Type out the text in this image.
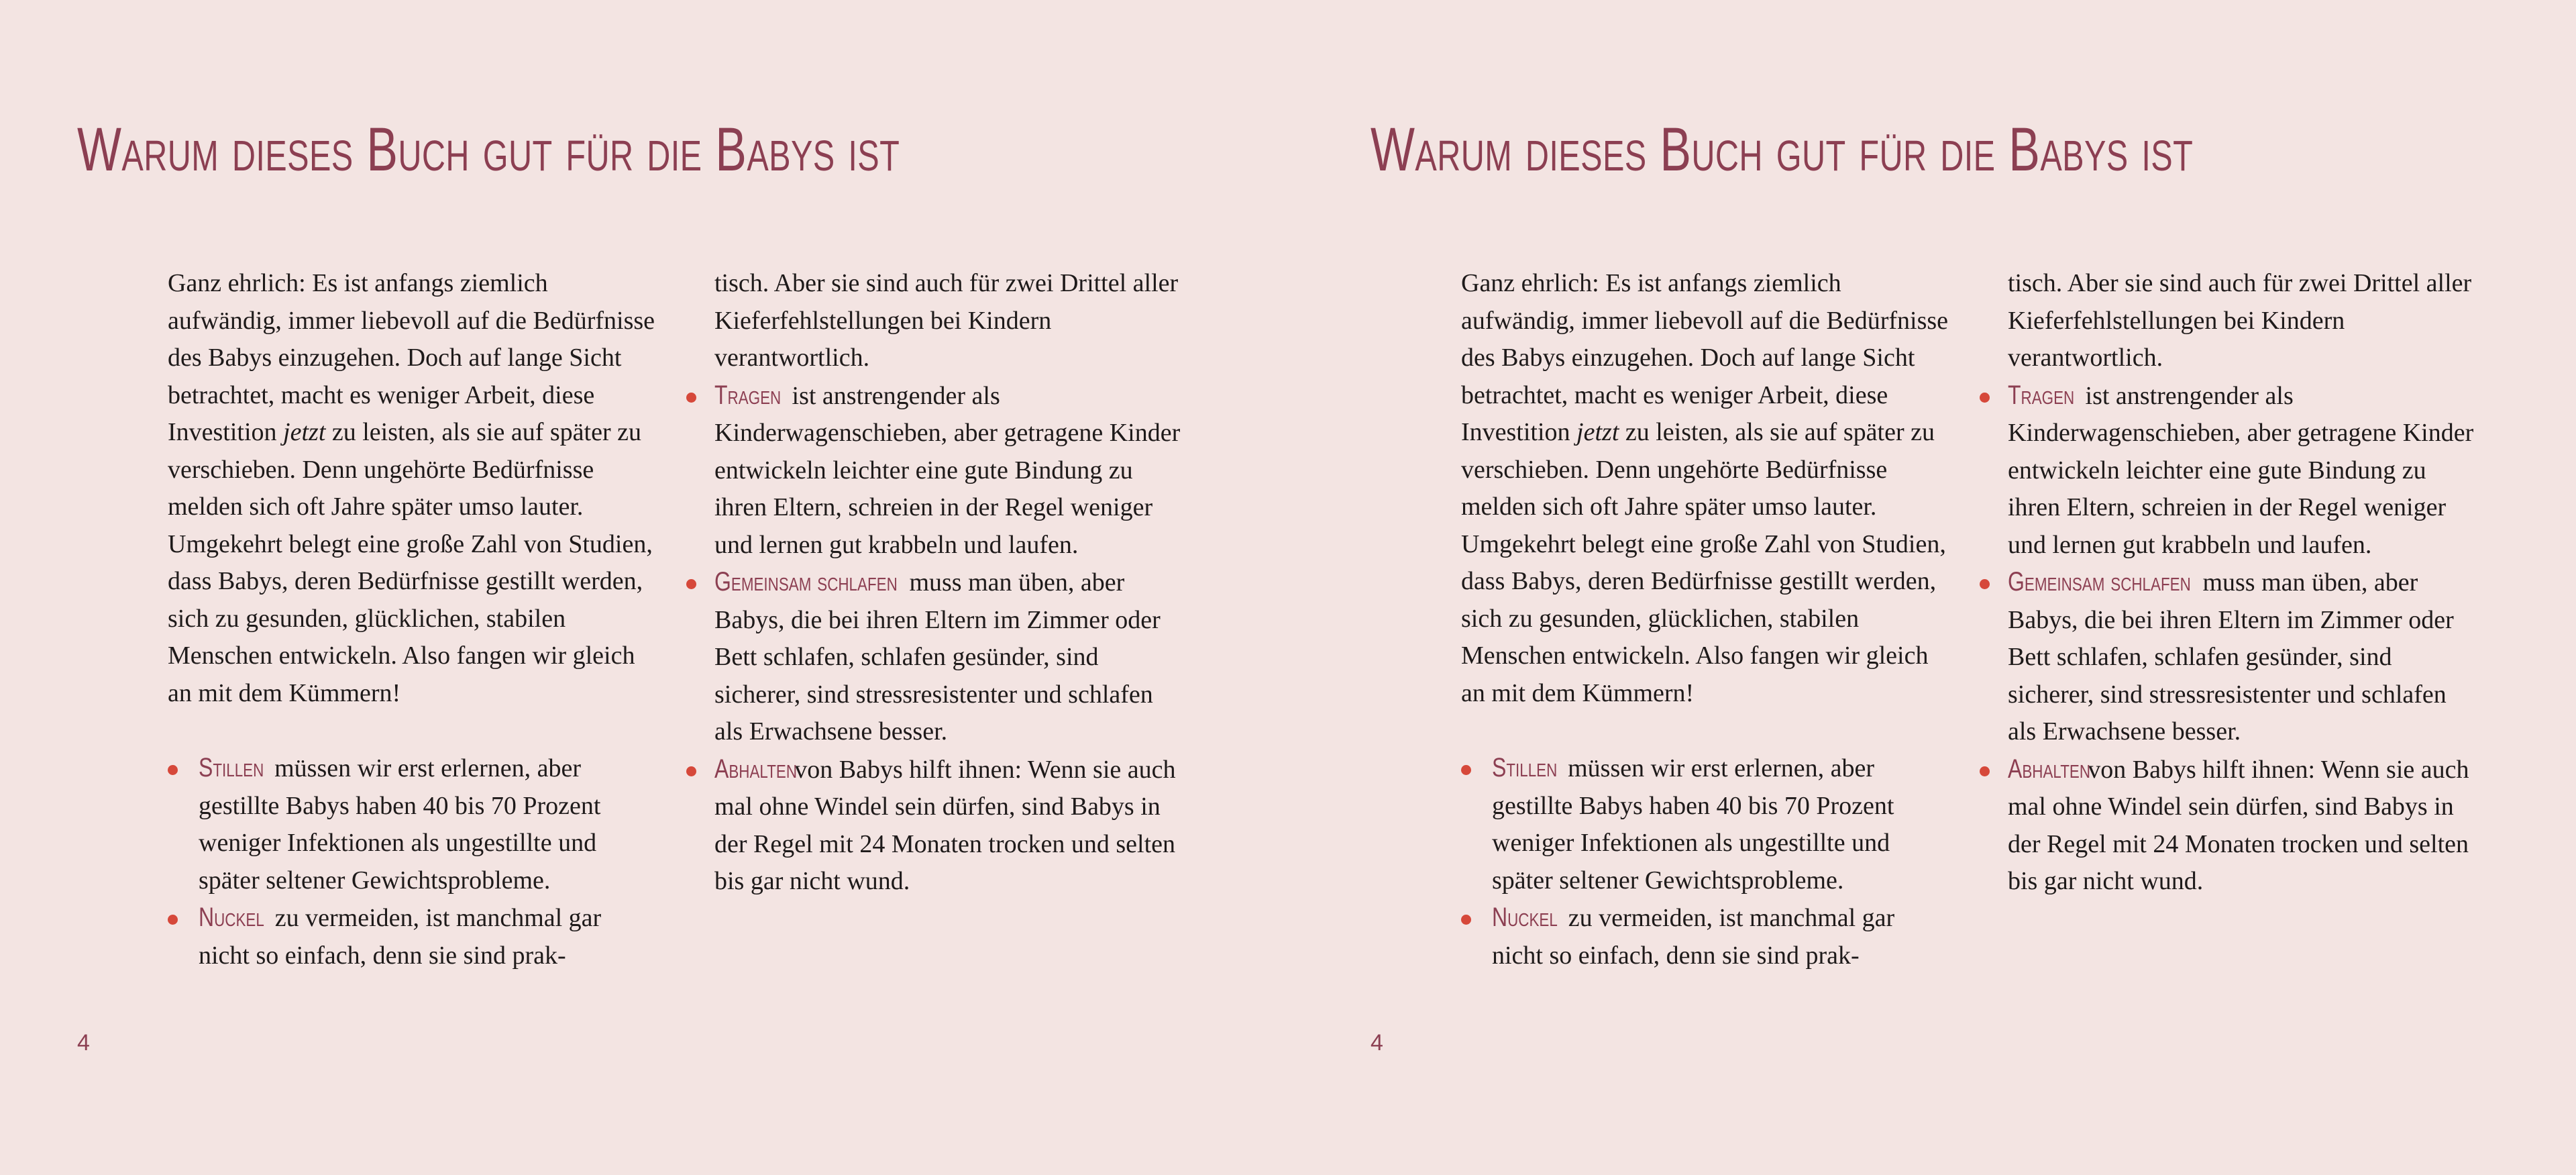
Warum dieses Buch gut für die Babys ist

Ganz ehrlich: Es ist anfangs ziemlich aufwändig, immer liebevoll auf die Bedürfnisse des Babys einzugehen. Doch auf lange Sicht betrachtet, macht es weniger Arbeit, diese Investition jetzt zu leisten, als sie auf später zu verschieben. Denn ungehörte Bedürfnisse melden sich oft Jahre später umso lauter. Umgekehrt belegt eine große Zahl von Studien, dass Babys, deren Bedürfnisse gestillt werden, sich zu gesunden, glücklichen, stabilen Menschen entwickeln. Also fangen wir gleich an mit dem Kümmern!

Stillen müssen wir erst erlernen, aber gestillte Babys haben 40 bis 70 Prozent weniger Infektionen als ungestillte und später seltener Gewichtsprobleme.
Nuckel zu vermeiden, ist manchmal gar nicht so einfach, denn sie sind prak-

tisch. Aber sie sind auch für zwei Drittel aller Kieferfehlstellungen bei Kindern verantwortlich.

Tragen ist anstrengender als Kinderwagenschieben, aber getragene Kinder entwickeln leichter eine gute Bindung zu ihren Eltern, schreien in der Regel weniger und lernen gut krabbeln und laufen.
Gemeinsam schlafen muss man üben, aber Babys, die bei ihren Eltern im Zimmer oder Bett schlafen, schlafen gesünder, sind sicherer, sind stressresistenter und schlafen als Erwachsene besser.
Abhalten von Babys hilft ihnen: Wenn sie auch mal ohne Windel sein dürfen, sind Babys in der Regel mit 24 Monaten trocken und selten bis gar nicht wund.
4
Warum dieses Buch gut für die Babys ist

Ganz ehrlich: Es ist anfangs ziemlich aufwändig, immer liebevoll auf die Bedürfnisse des Babys einzugehen. Doch auf lange Sicht betrachtet, macht es weniger Arbeit, diese Investition jetzt zu leisten, als sie auf später zu verschieben. Denn ungehörte Bedürfnisse melden sich oft Jahre später umso lauter. Umgekehrt belegt eine große Zahl von Studien, dass Babys, deren Bedürfnisse gestillt werden, sich zu gesunden, glücklichen, stabilen Menschen entwickeln. Also fangen wir gleich an mit dem Kümmern!

Stillen müssen wir erst erlernen, aber gestillte Babys haben 40 bis 70 Prozent weniger Infektionen als ungestillte und später seltener Gewichtsprobleme.
Nuckel zu vermeiden, ist manchmal gar nicht so einfach, denn sie sind prak-

tisch. Aber sie sind auch für zwei Drittel aller Kieferfehlstellungen bei Kindern verantwortlich.

Tragen ist anstrengender als Kinderwagenschieben, aber getragene Kinder entwickeln leichter eine gute Bindung zu ihren Eltern, schreien in der Regel weniger und lernen gut krabbeln und laufen.
Gemeinsam schlafen muss man üben, aber Babys, die bei ihren Eltern im Zimmer oder Bett schlafen, schlafen gesünder, sind sicherer, sind stressresistenter und schlafen als Erwachsene besser.
Abhalten von Babys hilft ihnen: Wenn sie auch mal ohne Windel sein dürfen, sind Babys in der Regel mit 24 Monaten trocken und selten bis gar nicht wund.
4
